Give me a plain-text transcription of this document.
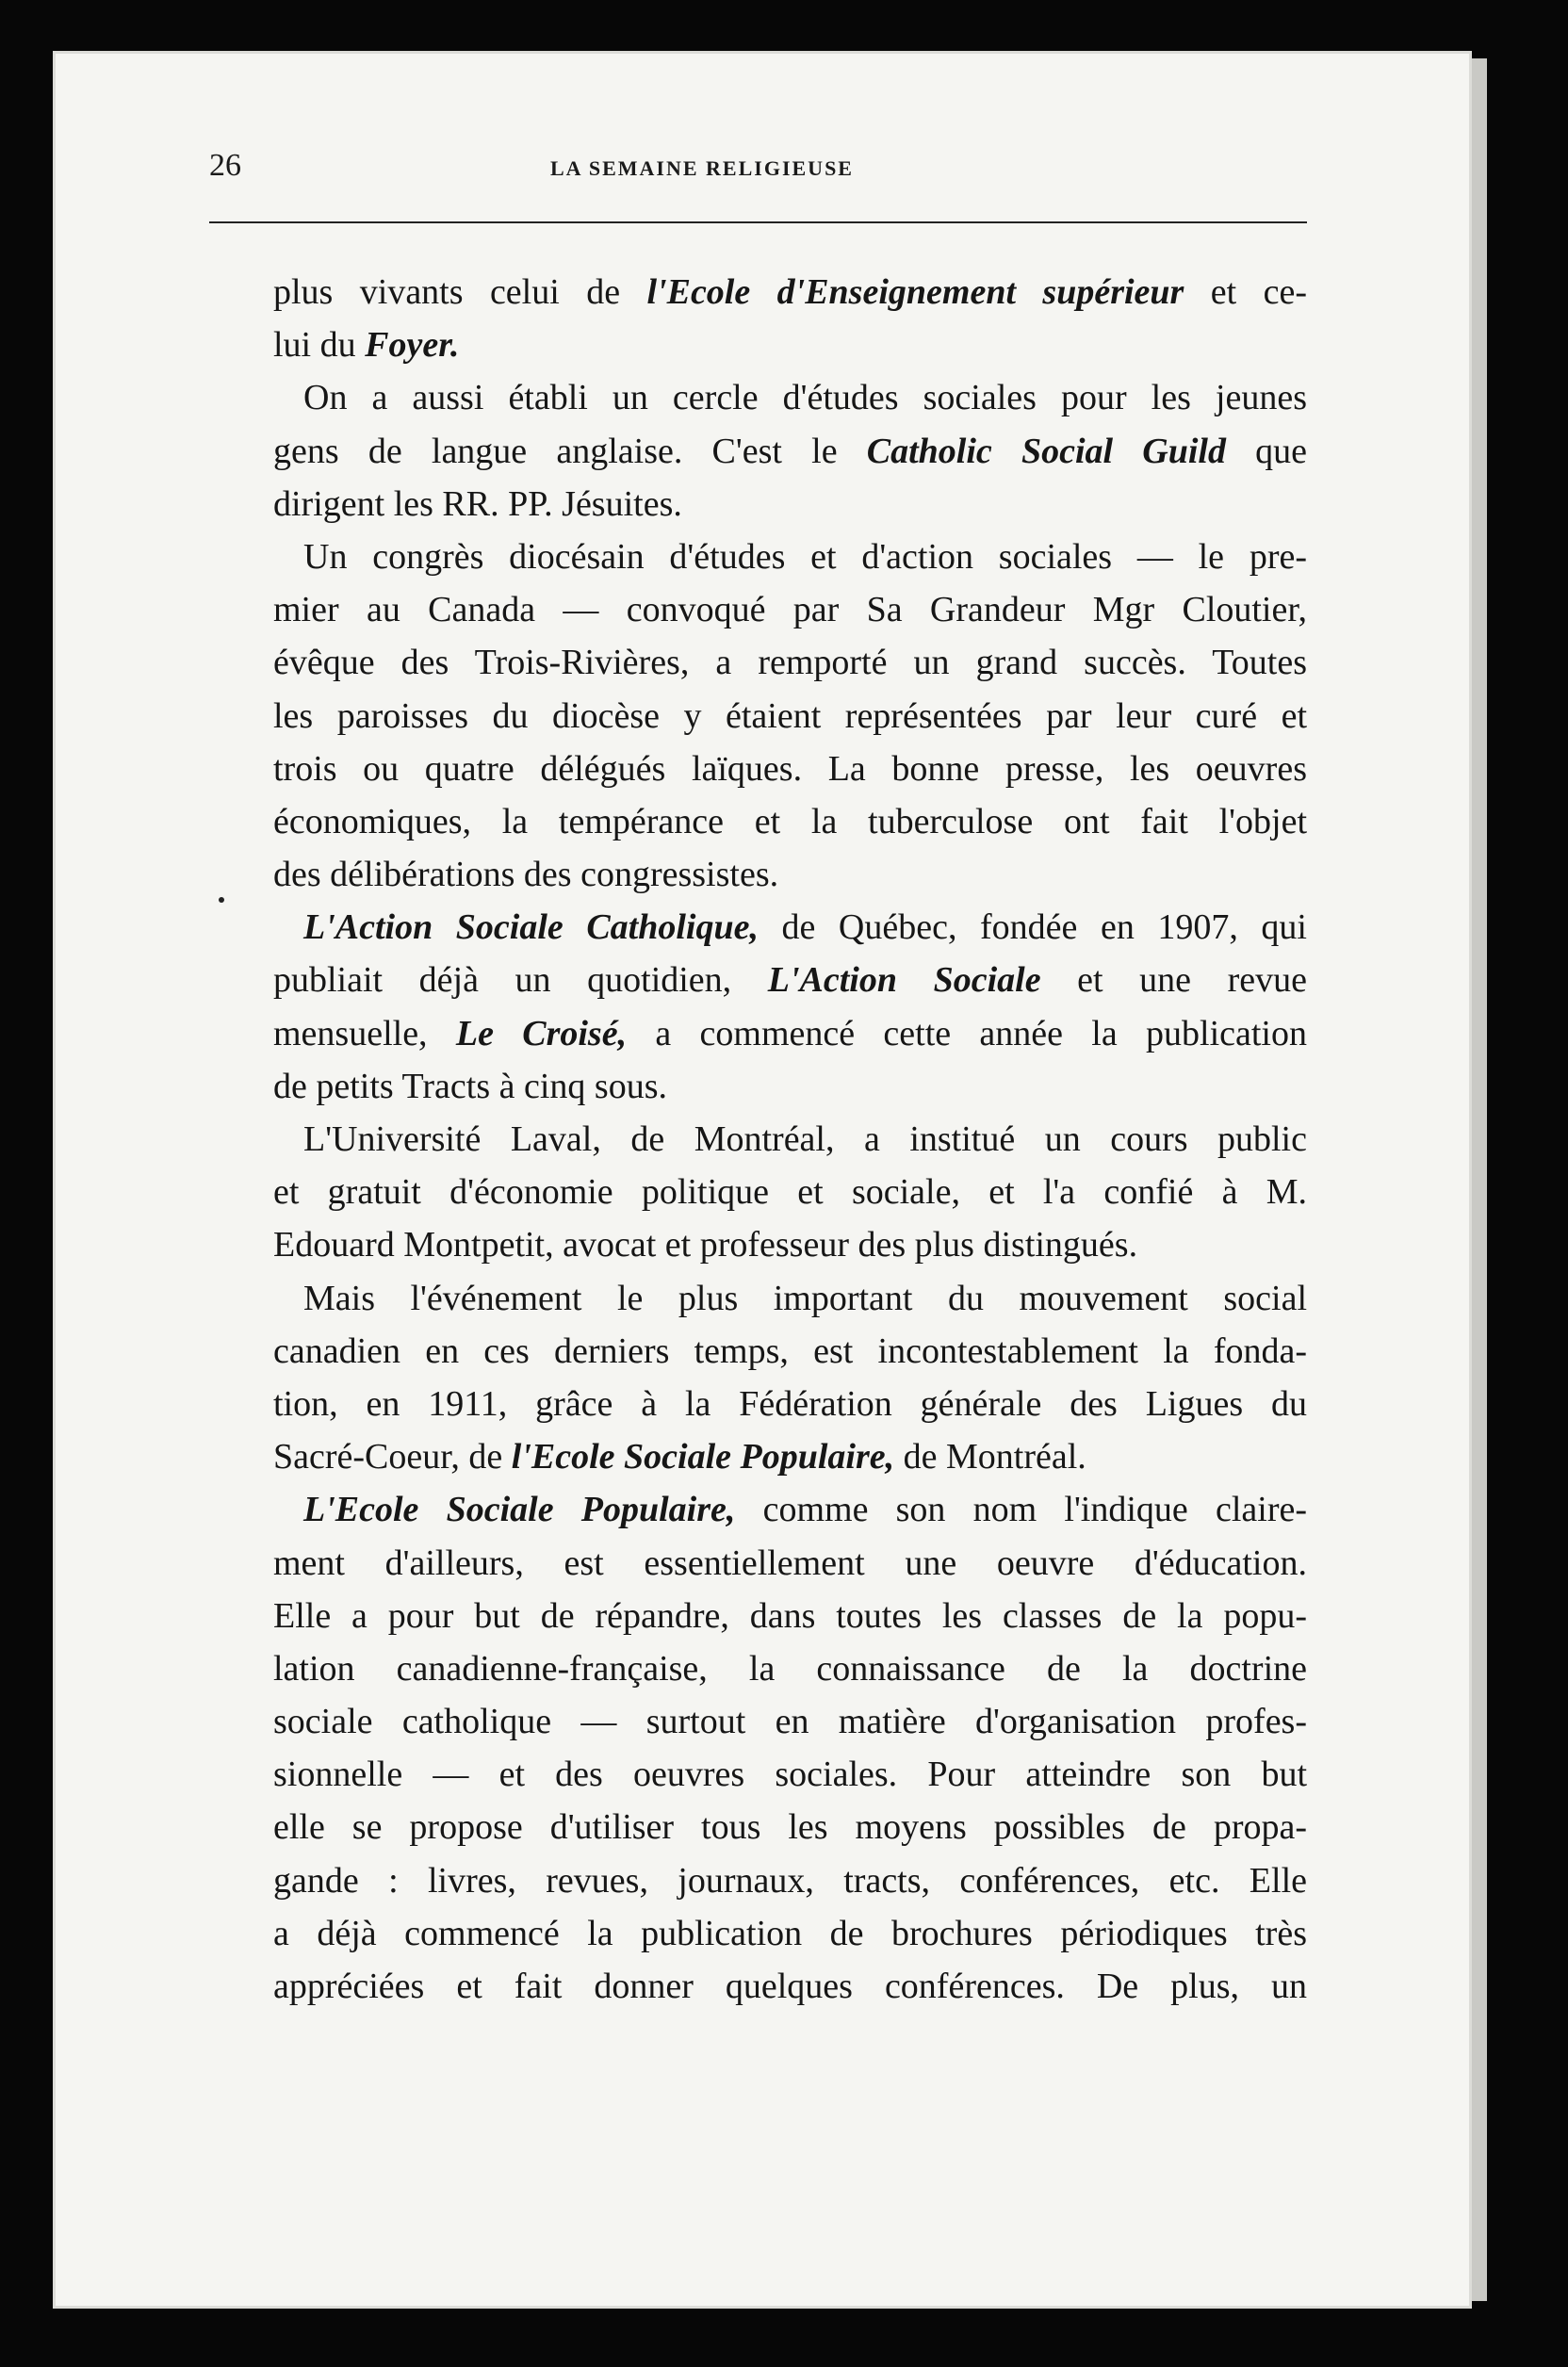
26	LA SEMAINE RELIGIEUSE
plus vivants celui de l'Ecole d'Enseignement supérieur et ce-
lui du Foyer.
On a aussi établi un cercle d'études sociales pour les jeunes
gens de langue anglaise. C'est le Catholic Social Guild que
dirigent les RR. PP. Jésuites.
Un congrès diocésain d'études et d'action sociales — le pre-
mier au Canada — convoqué par Sa Grandeur Mgr Cloutier,
évêque des Trois-Rivières, a remporté un grand succès. Toutes
les paroisses du diocèse y étaient représentées par leur curé et
trois ou quatre délégués laïques. La bonne presse, les oeuvres
économiques, la tempérance et la tuberculose ont fait l'objet
des délibérations des congressistes.
L'Action Sociale Catholique, de Québec, fondée en 1907, qui
publiait déjà un quotidien, L'Action Sociale et une revue
mensuelle, Le Croisé, a commencé cette année la publication
de petits Tracts à cinq sous.
L'Université Laval, de Montréal, a institué un cours public
et gratuit d'économie politique et sociale, et l'a confié à M.
Edouard Montpetit, avocat et professeur des plus distingués.
Mais l'événement le plus important du mouvement social
canadien en ces derniers temps, est incontestablement la fonda-
tion, en 1911, grâce à la Fédération générale des Ligues du
Sacré-Coeur, de l'Ecole Sociale Populaire, de Montréal.
L'Ecole Sociale Populaire, comme son nom l'indique claire-
ment d'ailleurs, est essentiellement une oeuvre d'éducation.
Elle a pour but de répandre, dans toutes les classes de la popu-
lation canadienne-française, la connaissance de la doctrine
sociale catholique — surtout en matière d'organisation profes-
sionnelle — et des oeuvres sociales. Pour atteindre son but
elle se propose d'utiliser tous les moyens possibles de propa-
gande : livres, revues, journaux, tracts, conférences, etc. Elle
a déjà commencé la publication de brochures périodiques très
appréciées et fait donner quelques conférences. De plus, un
